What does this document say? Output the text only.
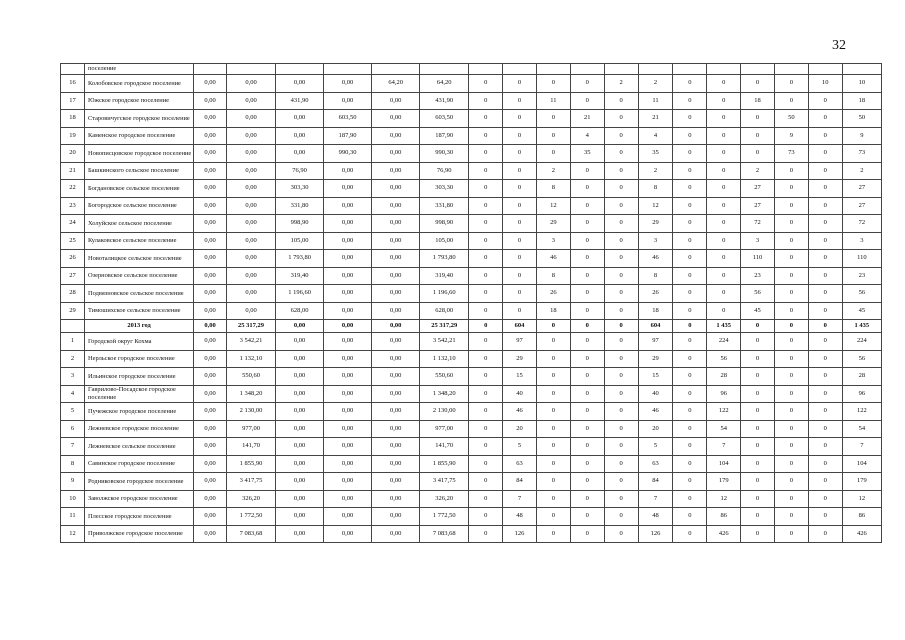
32
	поселение																		
16	Колобовское городское поселение	0,00	0,00	0,00	0,00	64,20	64,20	0	0	0	0	2	2	0	0	0	0	10	10
17	Южское городское поселение	0,00	0,00	431,90	0,00	0,00	431,90	0	0	11	0	0	11	0	0	18	0	0	18
18	Старовичугское городское поселение	0,00	0,00	0,00	603,50	0,00	603,50	0	0	0	21	0	21	0	0	0	50	0	50
19	Каменское городское поселение	0,00	0,00	0,00	187,90	0,00	187,90	0	0	0	4	0	4	0	0	0	9	0	9
20	Новописцовское городское поселение	0,00	0,00	0,00	990,30	0,00	990,30	0	0	0	35	0	35	0	0	0	73	0	73
21	Башкинского сельское поселение	0,00	0,00	76,90	0,00	0,00	76,90	0	0	2	0	0	2	0	0	2	0	0	2
22	Богдановское сельское поселение	0,00	0,00	303,30	0,00	0,00	303,30	0	0	8	0	0	8	0	0	27	0	0	27
23	Богородское сельское поселение	0,00	0,00	331,80	0,00	0,00	331,80	0	0	12	0	0	12	0	0	27	0	0	27
24	Холуйское сельское поселение	0,00	0,00	998,90	0,00	0,00	998,90	0	0	29	0	0	29	0	0	72	0	0	72
25	Кулаковское сельское поселение	0,00	0,00	105,00	0,00	0,00	105,00	0	0	3	0	0	3	0	0	3	0	0	3
26	Новоталицкое сельское поселение	0,00	0,00	1 793,80	0,00	0,00	1 793,80	0	0	46	0	0	46	0	0	110	0	0	110
27	Озерновское сельское поселение	0,00	0,00	319,40	0,00	0,00	319,40	0	0	8	0	0	8	0	0	23	0	0	23
28	Подвязновское сельское поселение	0,00	0,00	1 196,60	0,00	0,00	1 196,60	0	0	26	0	0	26	0	0	56	0	0	56
29	Тимошихское сельское поселение	0,00	0,00	628,00	0,00	0,00	628,00	0	0	18	0	0	18	0	0	45	0	0	45
	2013 год	0,00	25 317,29	0,00	0,00	0,00	25 317,29	0	604	0	0	0	604	0	1 435	0	0	0	1 435
1	Городской округ Кохма	0,00	3 542,21	0,00	0,00	0,00	3 542,21	0	97	0	0	0	97	0	224	0	0	0	224
2	Нерльское городское поселение	0,00	1 132,10	0,00	0,00	0,00	1 132,10	0	29	0	0	0	29	0	56	0	0	0	56
3	Ильинское городское поселение	0,00	550,60	0,00	0,00	0,00	550,60	0	15	0	0	0	15	0	28	0	0	0	28
4	Гаврилово-Посадское городское поселение	0,00	1 348,20	0,00	0,00	0,00	1 348,20	0	40	0	0	0	40	0	96	0	0	0	96
5	Пучежское городское поселение	0,00	2 130,00	0,00	0,00	0,00	2 130,00	0	46	0	0	0	46	0	122	0	0	0	122
6	Лежневское городское поселение	0,00	977,00	0,00	0,00	0,00	977,00	0	20	0	0	0	20	0	54	0	0	0	54
7	Лежневское сельское поселение	0,00	141,70	0,00	0,00	0,00	141,70	0	5	0	0	0	5	0	7	0	0	0	7
8	Савинское городское поселение	0,00	1 855,90	0,00	0,00	0,00	1 855,90	0	63	0	0	0	63	0	104	0	0	0	104
9	Родниковское городское поселение	0,00	3 417,75	0,00	0,00	0,00	3 417,75	0	84	0	0	0	84	0	179	0	0	0	179
10	Заволжское городское поселение	0,00	326,20	0,00	0,00	0,00	326,20	0	7	0	0	0	7	0	12	0	0	0	12
11	Плесское городское поселение	0,00	1 772,50	0,00	0,00	0,00	1 772,50	0	48	0	0	0	48	0	86	0	0	0	86
12	Приволжское городское поселение	0,00	7 083,68	0,00	0,00	0,00	7 083,68	0	126	0	0	0	126	0	426	0	0	0	426
